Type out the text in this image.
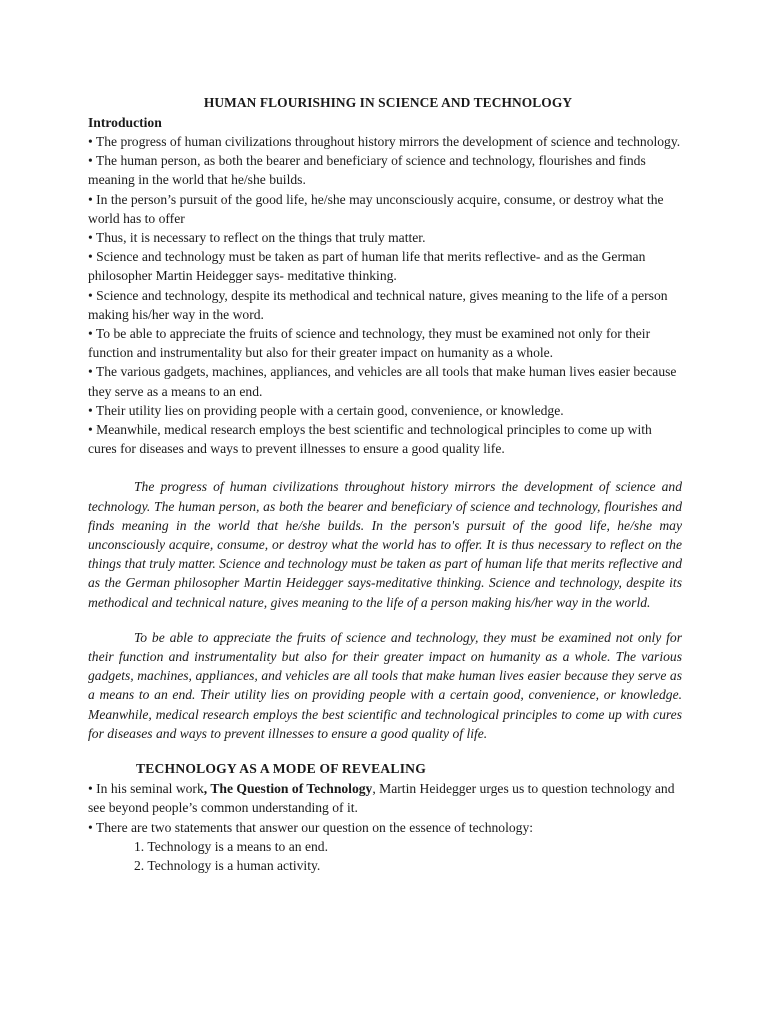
HUMAN FLOURISHING IN SCIENCE AND TECHNOLOGY
Introduction
• The progress of human civilizations throughout history mirrors the development of science and technology.
• The human person, as both the bearer and beneficiary of science and technology, flourishes and finds meaning in the world that he/she builds.
• In the person’s pursuit of the good life, he/she may unconsciously acquire, consume, or destroy what the world has to offer
• Thus, it is necessary to reflect on the things that truly matter.
• Science and technology must be taken as part of human life that merits reflective- and as the German philosopher Martin Heidegger says- meditative thinking.
• Science and technology, despite its methodical and technical nature, gives meaning to the life of a person making his/her way in the word.
• To be able to appreciate the fruits of science and technology, they must be examined not only for their function and instrumentality but also for their greater impact on humanity as a whole.
• The various gadgets, machines, appliances, and vehicles are all tools that make human lives easier because they serve as a means to an end.
• Their utility lies on providing people with a certain good, convenience, or knowledge.
• Meanwhile, medical research employs the best scientific and technological principles to come up with cures for diseases and ways to prevent illnesses to ensure a good quality life.

The progress of human civilizations throughout history mirrors the development of science and technology. The human person, as both the bearer and beneficiary of science and technology, flourishes and finds meaning in the world that he/she builds. In the person's pursuit of the good life, he/she may unconsciously acquire, consume, or destroy what the world has to offer. It is thus necessary to reflect on the things that truly matter. Science and technology must be taken as part of human life that merits reflective and as the German philosopher Martin Heidegger says-meditative thinking. Science and technology, despite its methodical and technical nature, gives meaning to the life of a person making his/her way in the world.

To be able to appreciate the fruits of science and technology, they must be examined not only for their function and instrumentality but also for their greater impact on humanity as a whole. The various gadgets, machines, appliances, and vehicles are all tools that make human lives easier because they serve as a means to an end. Their utility lies on providing people with a certain good, convenience, or knowledge. Meanwhile, medical research employs the best scientific and technological principles to come up with cures for diseases and ways to prevent illnesses to ensure a good quality of life.

TECHNOLOGY AS A MODE OF REVEALING
• In his seminal work, The Question of Technology, Martin Heidegger urges us to question technology and see beyond people’s common understanding of it.
• There are two statements that answer our question on the essence of technology:
1. Technology is a means to an end.
2. Technology is a human activity.
